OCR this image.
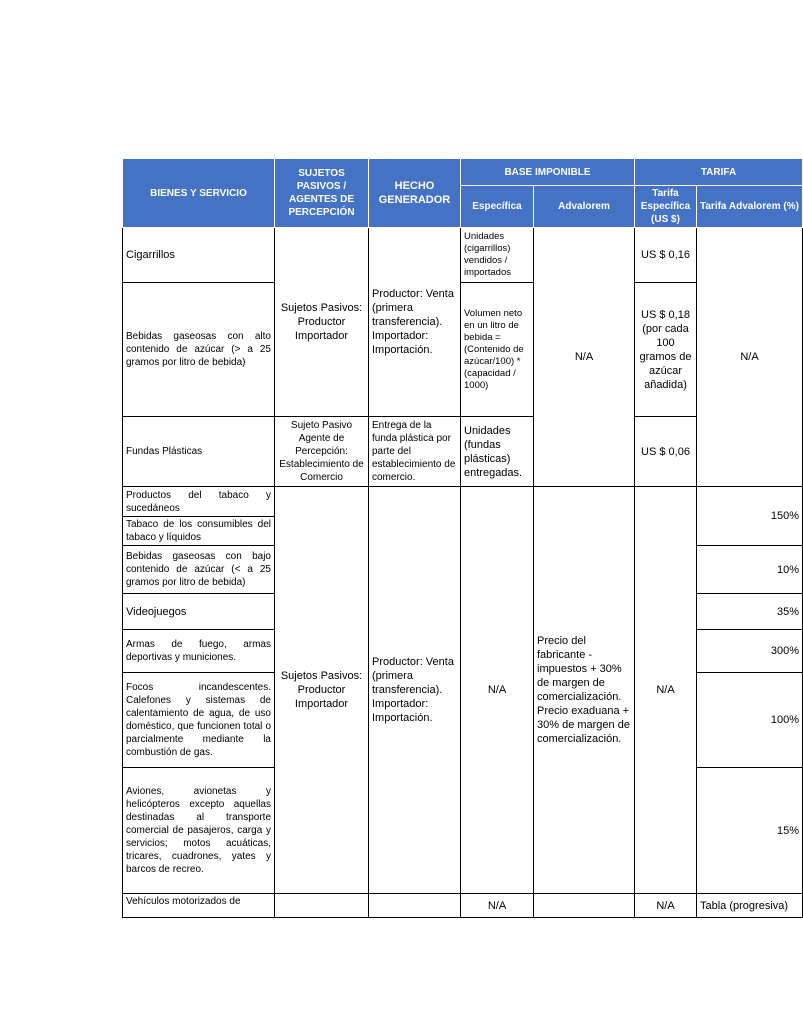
BIENES Y SERVICIO	SUJETOS PASIVOS / AGENTES DE PERCEPCIÓN	HECHO GENERADOR	BASE IMPONIBLE		TARIFA	
			Específica	Advalorem	Tarifa Específica (US $)	Tarifa Advalorem (%)
Cigarrillos	Sujetos Pasivos: Productor Importador	Productor: Venta (primera transferencia). Importador: Importación.	Unidades (cigarrillos) vendidos / importados	N/A	US $ 0,16	N/A
Bebidas gaseosas con alto contenido de azúcar (> a 25 gramos por litro de bebida)			Volumen neto en un litro de bebida = (Contenido de azúcar/100) * (capacidad / 1000)		US $ 0,18 (por cada 100 gramos de azúcar añadida)	
Fundas Plásticas	Sujeto Pasivo Agente de Percepción: Establecimiento de Comercio	Entrega de la funda plástica por parte del establecimiento de comercio.	Unidades (fundas plásticas) entregadas.		US $ 0,06	
Productos del tabaco y sucedáneos	Sujetos Pasivos: Productor Importador	Productor: Venta (primera transferencia). Importador: Importación.	N/A	Precio del fabricante - impuestos + 30% de margen de comercialización. Precio exaduana + 30% de margen de comercialización.	N/A	150%
Tabaco de los consumibles del tabaco y líquidos						
Bebidas gaseosas con bajo contenido de azúcar (< a 25 gramos por litro de bebida)						10%
Videojuegos						35%
Armas de fuego, armas deportivas y municiones.						300%
Focos incandescentes. Calefones y sistemas de calentamiento de agua, de uso doméstico, que funcionen total o parcialmente mediante la combustión de gas.						100%
Aviones, avionetas y helicópteros excepto aquellas destinadas al transporte comercial de pasajeros, carga y servicios; motos acuáticas, tricares, cuadrones, yates y barcos de recreo.						15%
Vehículos motorizados de			N/A		N/A	Tabla (progresiva)
